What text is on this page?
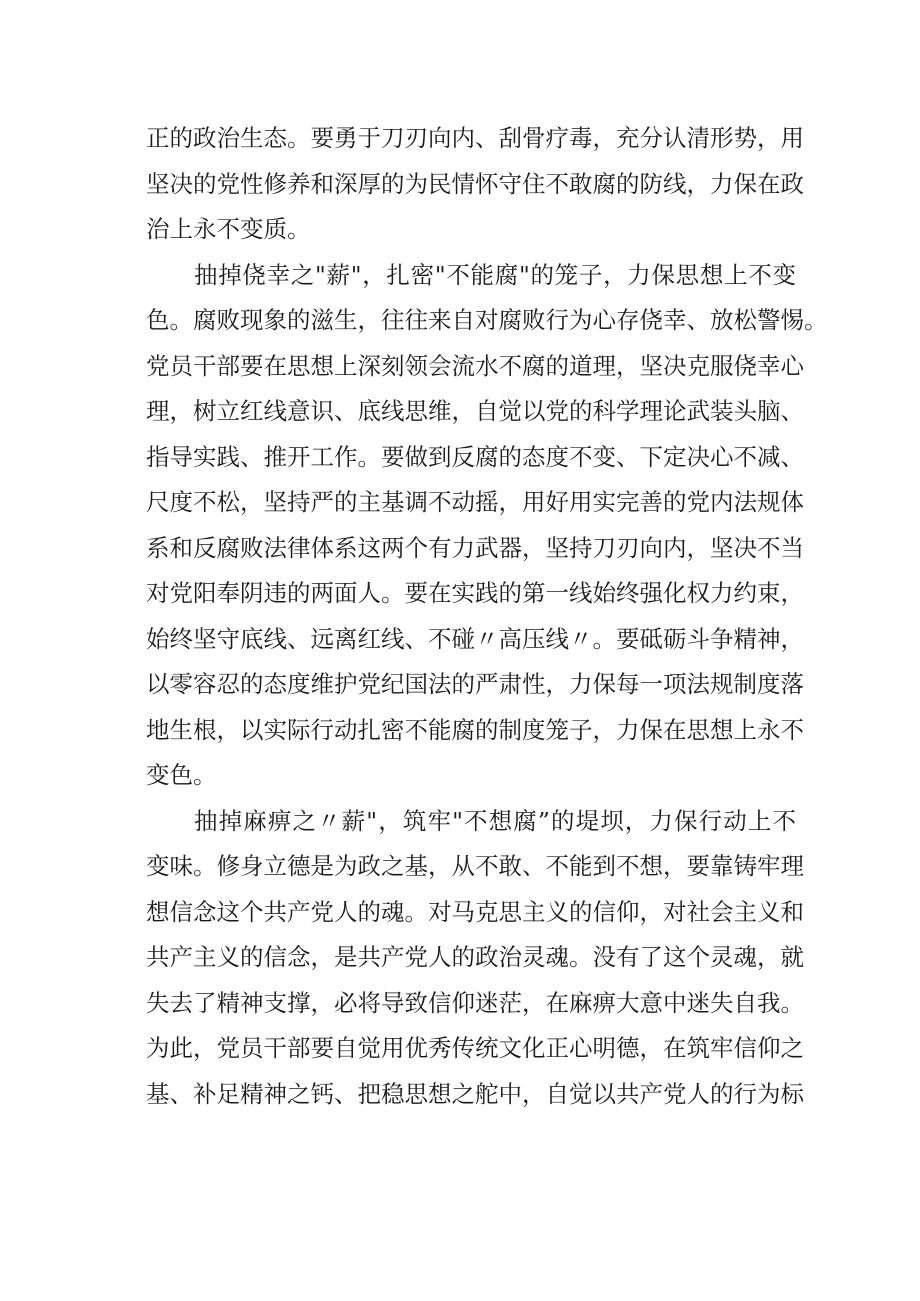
正的政治生态。要勇于刀刃向内、刮骨疗毒，充分认清形势，用
坚决的党性修养和深厚的为民情怀守住不敢腐的防线，力保在政
治上永不变质。
抽掉侥幸之"薪"，扎密"不能腐"的笼子，力保思想上不变
色。腐败现象的滋生，往往来自对腐败行为心存侥幸、放松警惕。
党员干部要在思想上深刻领会流水不腐的道理，坚决克服侥幸心
理，树立红线意识、底线思维，自觉以党的科学理论武装头脑、
指导实践、推开工作。要做到反腐的态度不变、下定决心不减、
尺度不松，坚持严的主基调不动摇，用好用实完善的党内法规体
系和反腐败法律体系这两个有力武器，坚持刀刃向内，坚决不当
对党阳奉阴违的两面人。要在实践的第一线始终强化权力约束，
始终坚守底线、远离红线、不碰〃高压线〃。要砥砺斗争精神，
以零容忍的态度维护党纪国法的严肃性，力保每一项法规制度落
地生根，以实际行动扎密不能腐的制度笼子，力保在思想上永不
变色。
抽掉麻痹之〃薪"，筑牢"不想腐”的堤坝，力保行动上不
变味。修身立德是为政之基，从不敢、不能到不想，要靠铸牢理
想信念这个共产党人的魂。对马克思主义的信仰，对社会主义和
共产主义的信念，是共产党人的政治灵魂。没有了这个灵魂，就
失去了精神支撑，必将导致信仰迷茫，在麻痹大意中迷失自我。
为此，党员干部要自觉用优秀传统文化正心明德，在筑牢信仰之
基、补足精神之钙、把稳思想之舵中，自觉以共产党人的行为标
